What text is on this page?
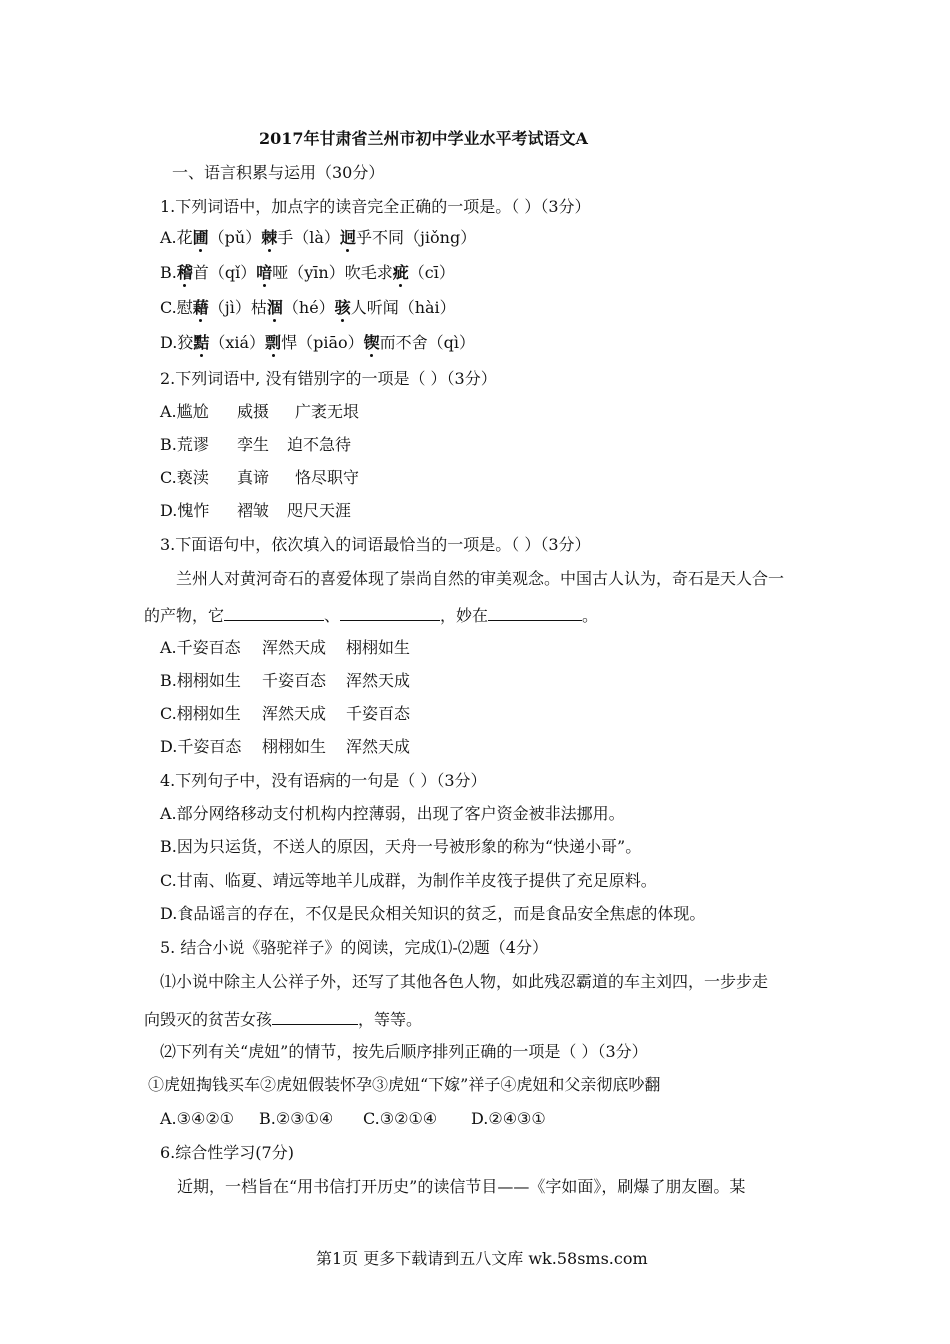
2017年甘肃省兰州市初中学业水平考试语文A
一、语言积累与运用（30分）
1.下列词语中，加点字的读音完全正确的一项是。（ ）（3分）
A.花圃（pǔ）棘手（là）迥乎不同（jiǒng）
B.稽首（qǐ）喑哑（yīn）吹毛求疵（cī）
C.慰藉（jì）枯涸（hé）骇人听闻（hài）
D.狡黠（xiá）剽悍（piāo）锲而不舍（qì）
2.下列词语中, 没有错别字的一项是（ ）（3分）
A.尴尬 威摄 广袤无垠
B.荒谬 孪生 迫不急待
C.亵渎 真谛 恪尽职守
D.愧怍 褶皱 咫尺天涯
3.下面语句中，依次填入的词语最恰当的一项是。（ ）（3分）
兰州人对黄河奇石的喜爱体现了崇尚自然的审美观念。中国古人认为，奇石是天人合一
的产物，它	、	，妙在	。
A.千姿百态 浑然天成 栩栩如生
B.栩栩如生 千姿百态 浑然天成
C.栩栩如生 浑然天成 千姿百态
D.千姿百态 栩栩如生 浑然天成
4.下列句子中，没有语病的一句是（ ）（3分）
A.部分网络移动支付机构内控薄弱，出现了客户资金被非法挪用。
B.因为只运货，不送人的原因，天舟一号被形象的称为“快递小哥”。
C.甘南、临夏、靖远等地羊儿成群，为制作羊皮筏子提供了充足原料。
D.食品谣言的存在，不仅是民众相关知识的贫乏，而是食品安全焦虑的体现。
5. 结合小说《骆驼祥子》的阅读，完成⑴-⑵题（4分）
⑴小说中除主人公祥子外，还写了其他各色人物，如此残忍霸道的车主刘四，一步步走
向毁灭的贫苦女孩	，等等。
⑵下列有关“虎妞”的情节，按先后顺序排列正确的一项是（ ）（3分）
①虎妞掏钱买车②虎妞假装怀孕③虎妞“下嫁”祥子④虎妞和父亲彻底吵翻
A.③④②① B.②③①④ C.③②①④ D.②④③①
6.综合性学习(7分)
近期，一档旨在“用书信打开历史”的读信节目——《字如面》，刷爆了朋友圈。某
第1页 更多下载请到五八文库 wk.58sms.com
